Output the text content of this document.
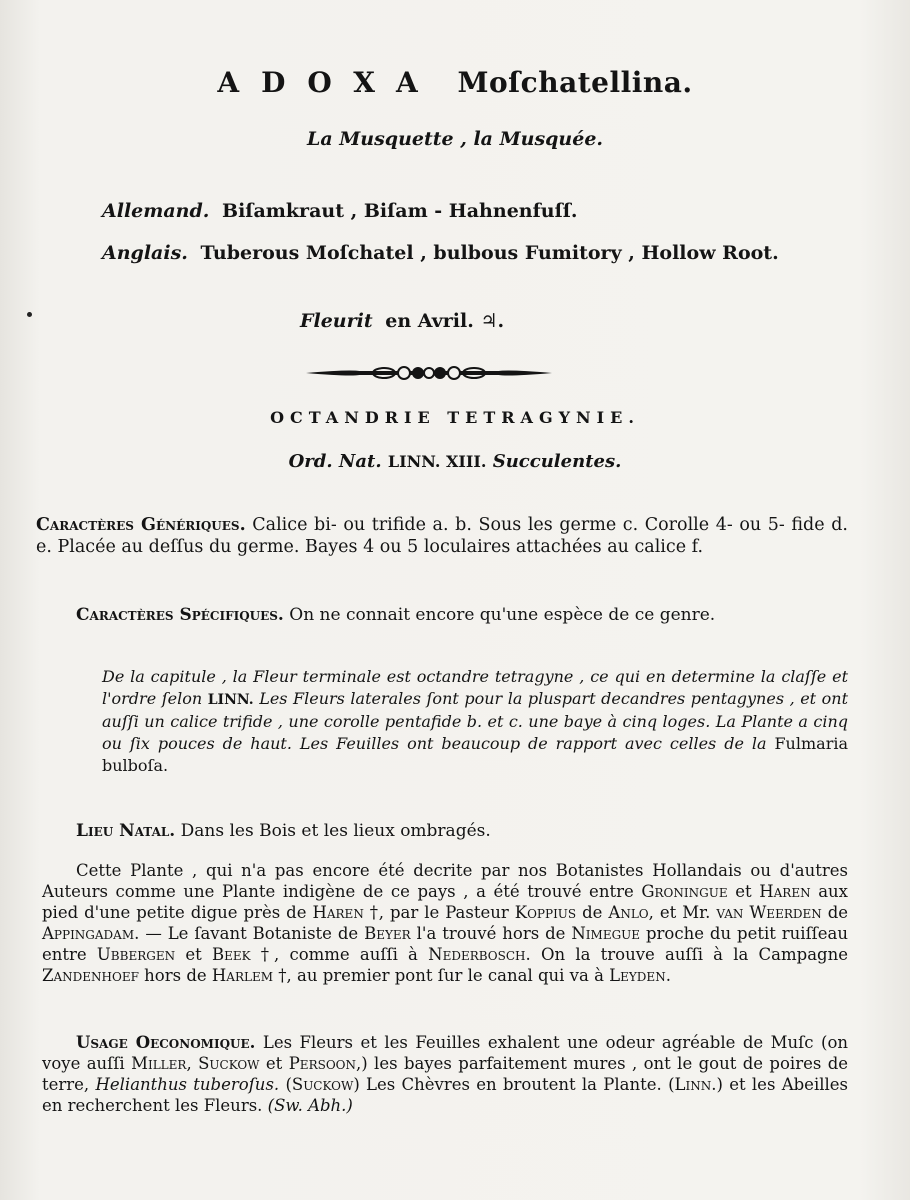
ADOXA Moſchatellina.
La Musquette , la Musquée.
Allemand. Biſamkraut , Biſam - Hahnenfuſſ.
Anglais. Tuberous Moſchatel , bulbous Fumitory , Hollow Root.
Fleurit en Avril. ♃.
OCTANDRIE TETRAGYNIE.
Ord. Nat. LINN. XIII. Succulentes.
Caractères Génériques. Calice bi- ou trifide a. b. Sous les germe c. Corolle 4- ou 5- fide d. e. Placée au deſſus du germe. Bayes 4 ou 5 loculaires attachées au calice f.
Caractères Spécifiques. On ne connait encore qu'une espèce de ce genre.
De la capitule , la Fleur terminale est octandre tetragyne , ce qui en determine la claſſe et l'ordre ſelon LINN. Les Fleurs laterales ſont pour la pluspart decandres pentagynes , et ont auſſi un calice trifide , une corolle pentafide b. et c. une baye à cinq loges. La Plante a cinq ou ſix pouces de haut. Les Feuilles ont beaucoup de rapport avec celles de la Fulmaria bulboſa.
Lieu Natal. Dans les Bois et les lieux ombragés.
Cette Plante , qui n'a pas encore été decrite par nos Botanistes Hollandais ou d'autres Auteurs comme une Plante indigène de ce pays , a été trouvé entre Groningue et Haren aux pied d'une petite digue près de Haren †, par le Pasteur Koppius de Anlo, et Mr. van Weerden de Appingadam. — Le ſavant Botaniste de Beyer l'a trouvé hors de Nimegue proche du petit ruiſſeau entre Ubbergen et Beek †, comme auſſi à Nederbosch. On la trouve auſſi à la Campagne Zandenhoef hors de Harlem †, au premier pont ſur le canal qui va à Leyden.
Usage Oeconomique. Les Fleurs et les Feuilles exhalent une odeur agréable de Muſc (on voye auſſi Miller, Suckow et Persoon,) les bayes parfaitement mures , ont le gout de poires de terre, Helianthus tuberoſus. (Suckow) Les Chèvres en broutent la Plante. (Linn.) et les Abeilles en recherchent les Fleurs. (Sw. Abh.)
